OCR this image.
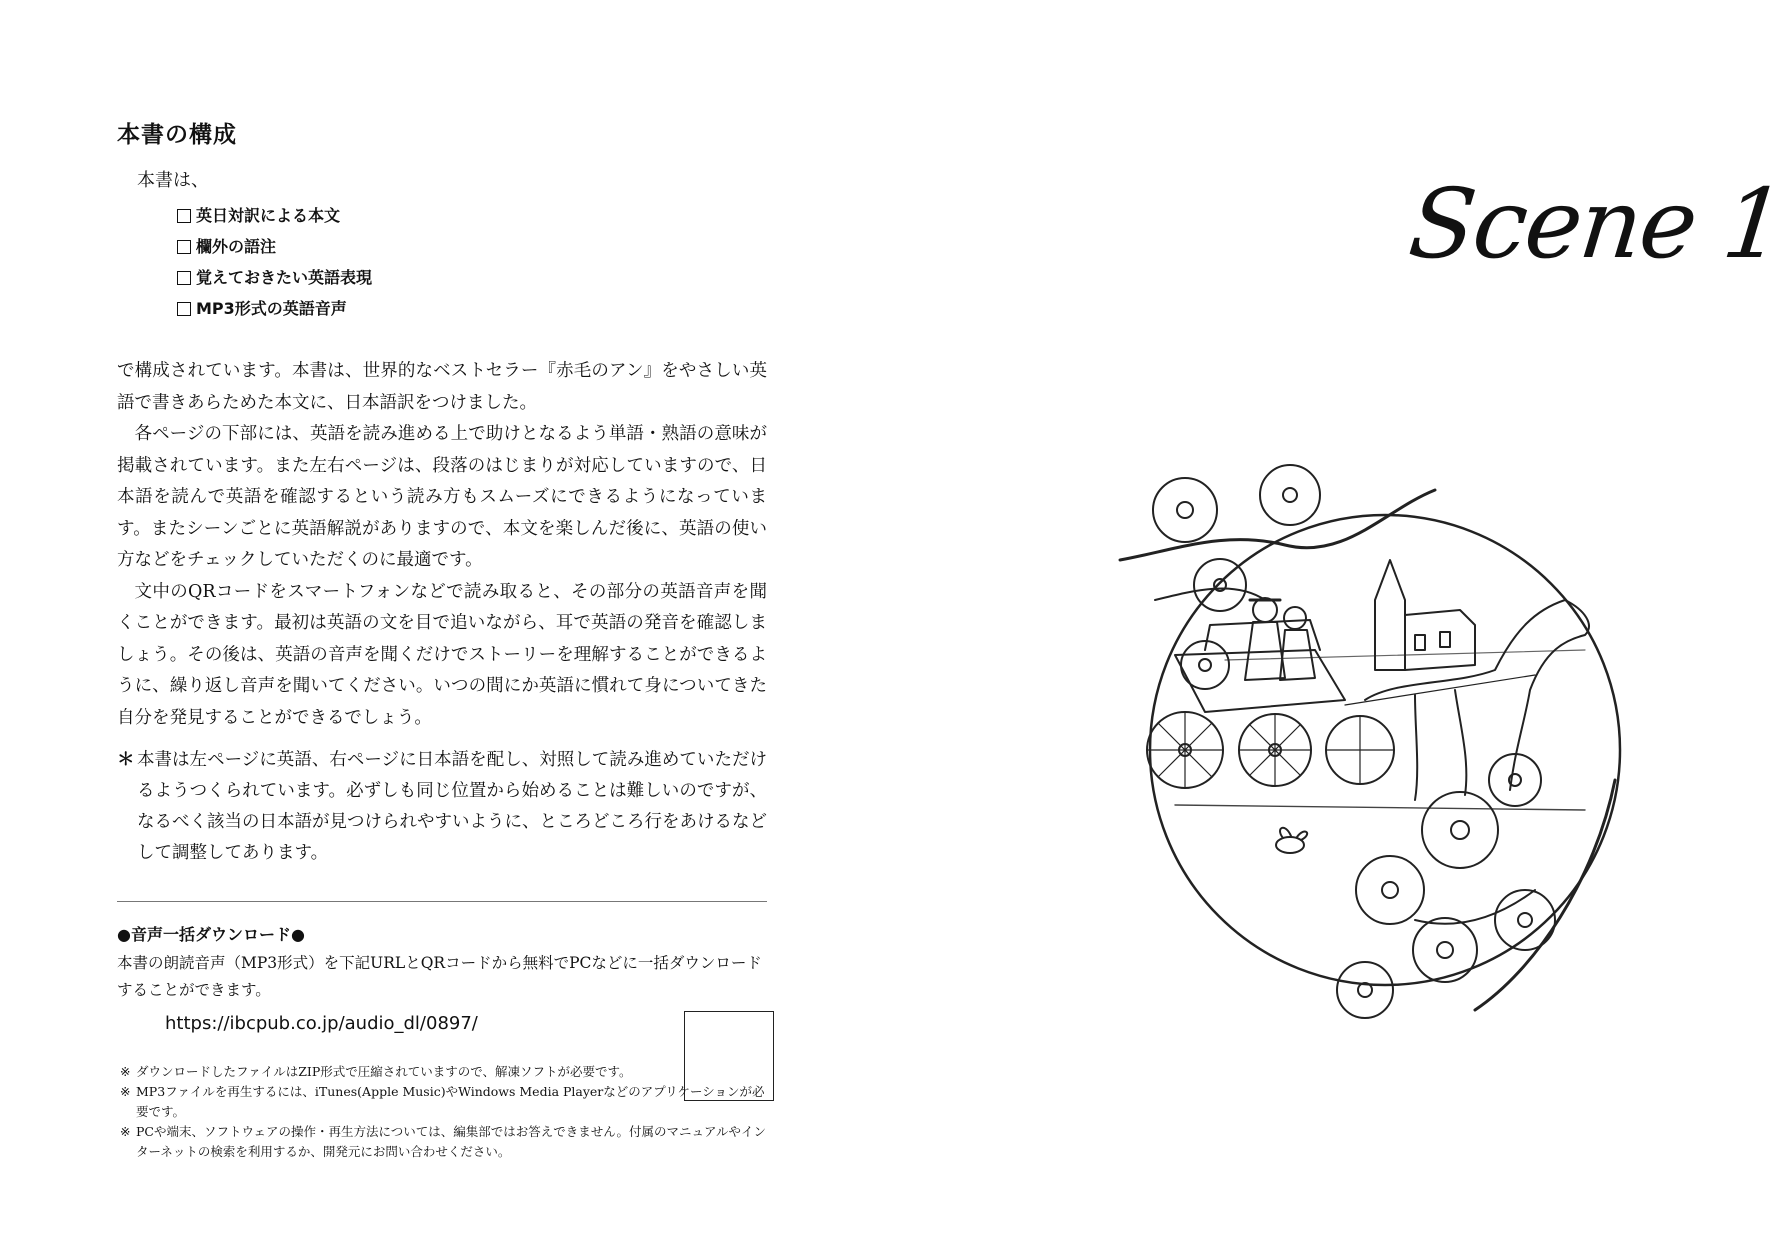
本書の構成
本書は、
英日対訳による本文
欄外の語注
覚えておきたい英語表現
MP3形式の英語音声

で構成されています。本書は、世界的なベストセラー『赤毛のアン』をやさしい英語で書きあらためた本文に、日本語訳をつけました。

各ページの下部には、英語を読み進める上で助けとなるよう単語・熟語の意味が掲載されています。また左右ページは、段落のはじまりが対応していますので、日本語を読んで英語を確認するという読み方もスムーズにできるようになっています。またシーンごとに英語解説がありますので、本文を楽しんだ後に、英語の使い方などをチェックしていただくのに最適です。

文中のQRコードをスマートフォンなどで読み取ると、その部分の英語音声を聞くことができます。最初は英語の文を目で追いながら、耳で英語の発音を確認しましょう。その後は、英語の音声を聞くだけでストーリーを理解することができるように、繰り返し音声を聞いてください。いつの間にか英語に慣れて身についてきた自分を発見することができるでしょう。

＊ 本書は左ページに英語、右ページに日本語を配し、対照して読み進めていただけるようつくられています。必ずしも同じ位置から始めることは難しいのですが、なるべく該当の日本語が見つけられやすいように、ところどころ行をあけるなどして調整してあります。
●音声一括ダウンロード●
本書の朗読音声（MP3形式）を下記URLとQRコードから無料でPCなどに一括ダウンロードすることができます。
https://ibcpub.co.jp/audio_dl/0897/
※ ダウンロードしたファイルはZIP形式で圧縮されていますので、解凍ソフトが必要です。
※ MP3ファイルを再生するには、iTunes(Apple Music)やWindows Media Playerなどのアプリケーションが必要です。
※ PCや端末、ソフトウェアの操作・再生方法については、編集部ではお答えできません。付属のマニュアルやインターネットの検索を利用するか、開発元にお問い合わせください。
Scene 1
